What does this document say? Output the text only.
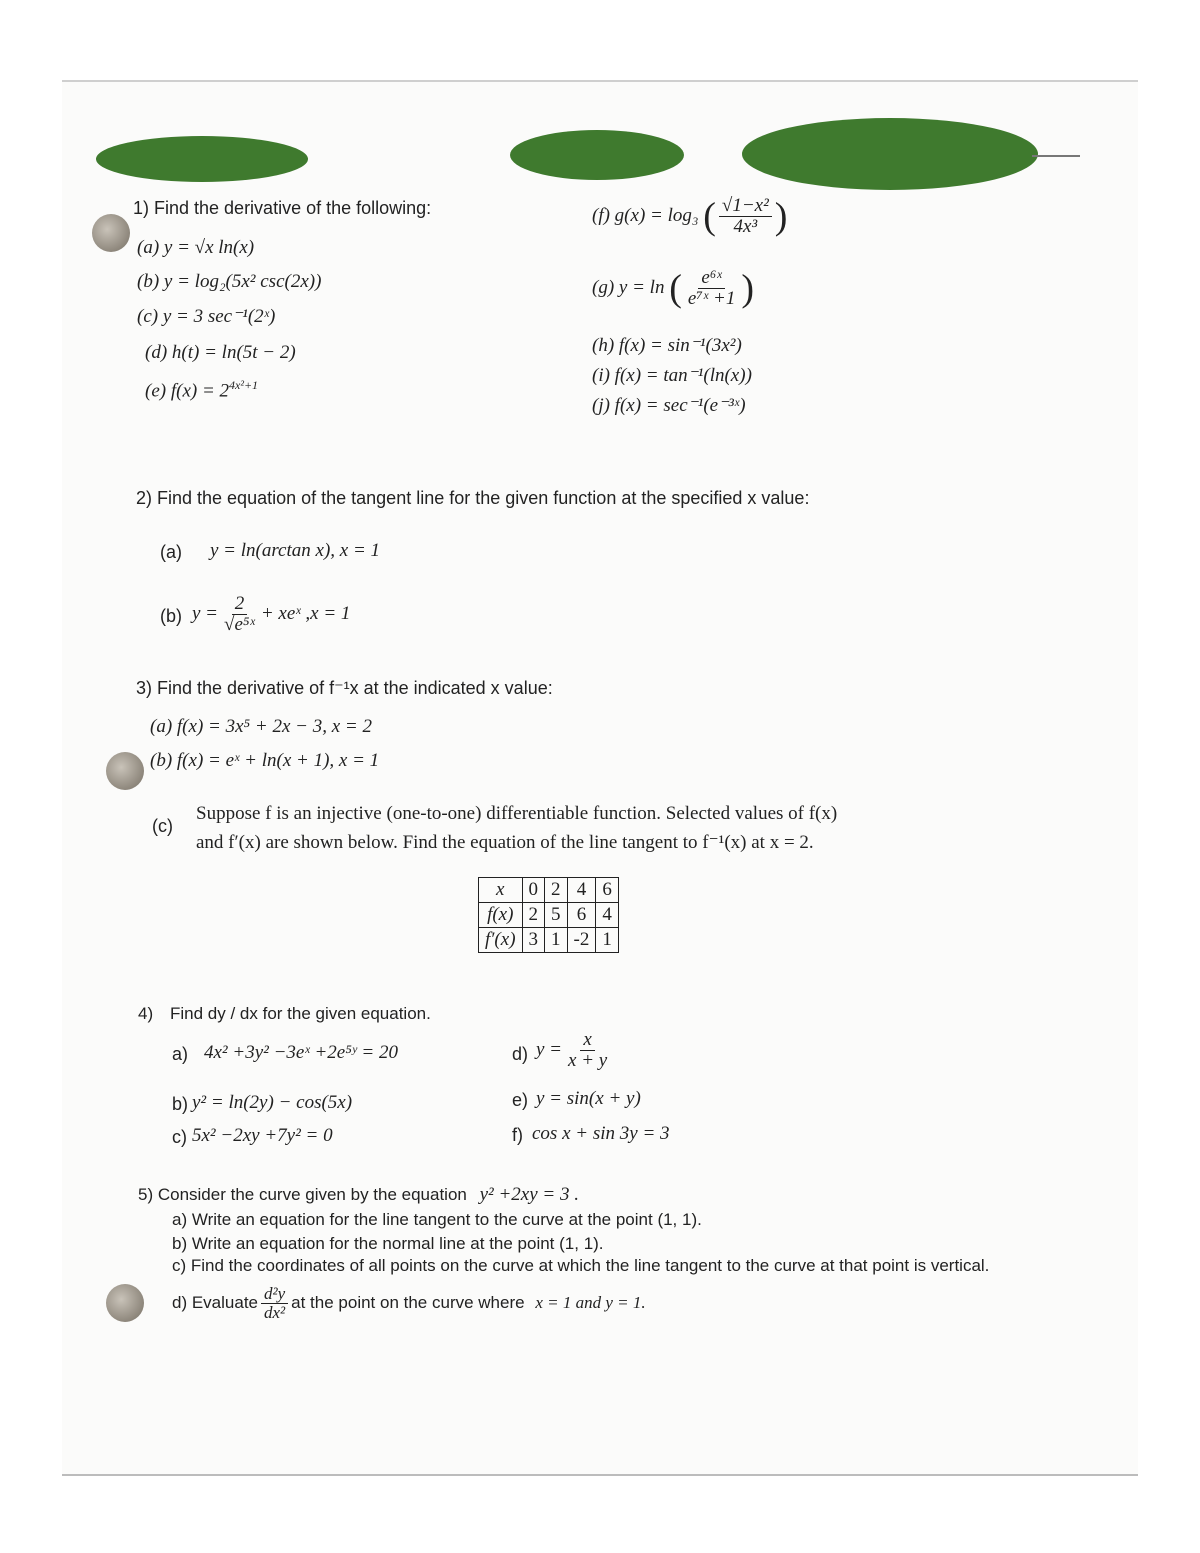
1) Find the derivative of the following:
(a) y = √x ln(x)
(b) y = log₂(5x² csc(2x))
(c) y = 3 sec⁻¹(2ˣ)
(d) h(t) = ln(5t − 2)
(e) $f(x) = 2^{4x^2+1}$
(f) g(x) = log₃ ( $\frac{\text{√1−x²}}{\text{4x³}}$ )
(g) y = ln ( $\frac{\text{e⁶ˣ}}{\text{e⁷ˣ +1}}$ )
(h) f(x) = sin⁻¹(3x²)
(i) f(x) = tan⁻¹(ln(x))
(j) f(x) = sec⁻¹(e⁻³ˣ)
2) Find the equation of the tangent line for the given function at the specified x value:
(a) y = ln(arctan x), x = 1
(b) $y = \frac{2}{\text{√e⁵ˣ}}$ + xeˣ ,x = 1
3) Find the derivative of f⁻¹x at the indicated x value:
(a) f(x) = 3x⁵ + 2x − 3, x = 2
(b) f(x) = eˣ + ln(x + 1), x = 1
(c)
Suppose f is an injective (one-to-one) differentiable function. Selected values of f(x)
and f′(x) are shown below. Find the equation of the line tangent to f⁻¹(x) at x = 2.
x	0	2	4	6
f(x)	2	5	6	4
f′(x)	3	1	-2	1
4) Find dy / dx for the given equation.
a) 4x² +3y² −3eˣ +2e⁵ʸ = 20
b) y² = ln(2y) − cos(5x)
c) 5x² −2xy +7y² = 0
d) $y = \frac{x}{x + y}$
e) y = sin(x + y)
f) cos x + sin 3y = 3
5) Consider the curve given by the equation y² +2xy = 3 .
a) Write an equation for the line tangent to the curve at the point (1, 1).
b) Write an equation for the normal line at the point (1, 1).
c) Find the coordinates of all points on the curve at which the line tangent to the curve at that point is vertical.
d) Evaluate $\frac{\text{d²y}}{\text{dx²}}$ at the point on the curve where x = 1 and y = 1.
